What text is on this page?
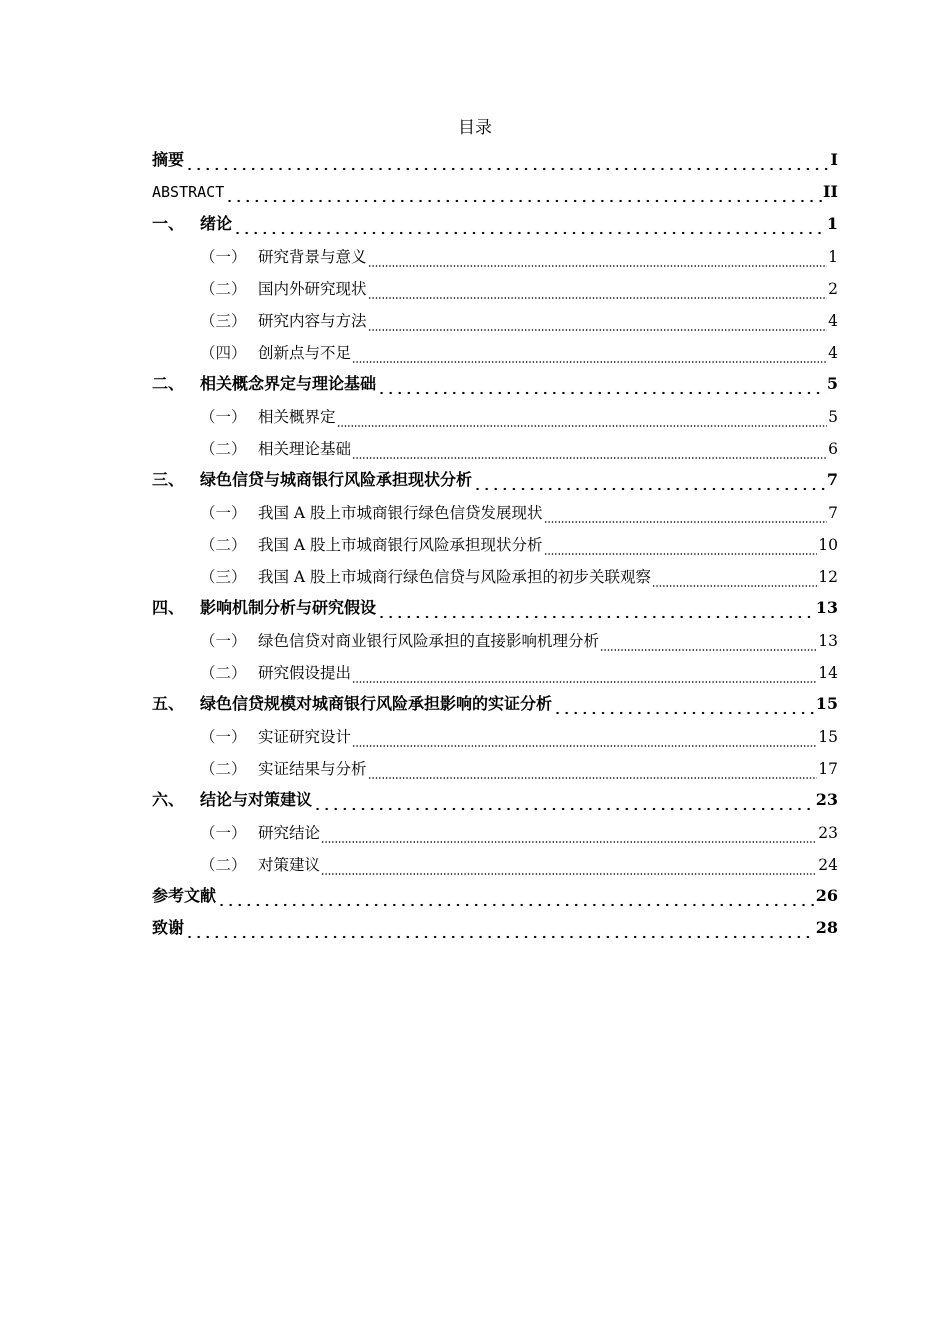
目录
摘要	I
ABSTRACT	II
一、 绪论	1
（一） 研究背景与意义	1
（二） 国内外研究现状	2
（三） 研究内容与方法	4
（四） 创新点与不足	4
二、 相关概念界定与理论基础	5
（一） 相关概界定	5
（二） 相关理论基础	6
三、 绿色信贷与城商银行风险承担现状分析	7
（一） 我国 A 股上市城商银行绿色信贷发展现状	7
（二） 我国 A 股上市城商银行风险承担现状分析	10
（三） 我国 A 股上市城商行绿色信贷与风险承担的初步关联观察	12
四、 影响机制分析与研究假设	13
（一） 绿色信贷对商业银行风险承担的直接影响机理分析	13
（二） 研究假设提出	14
五、 绿色信贷规模对城商银行风险承担影响的实证分析	15
（一） 实证研究设计	15
（二） 实证结果与分析	17
六、 结论与对策建议	23
（一） 研究结论	23
（二） 对策建议	24
参考文献	26
致谢	28
